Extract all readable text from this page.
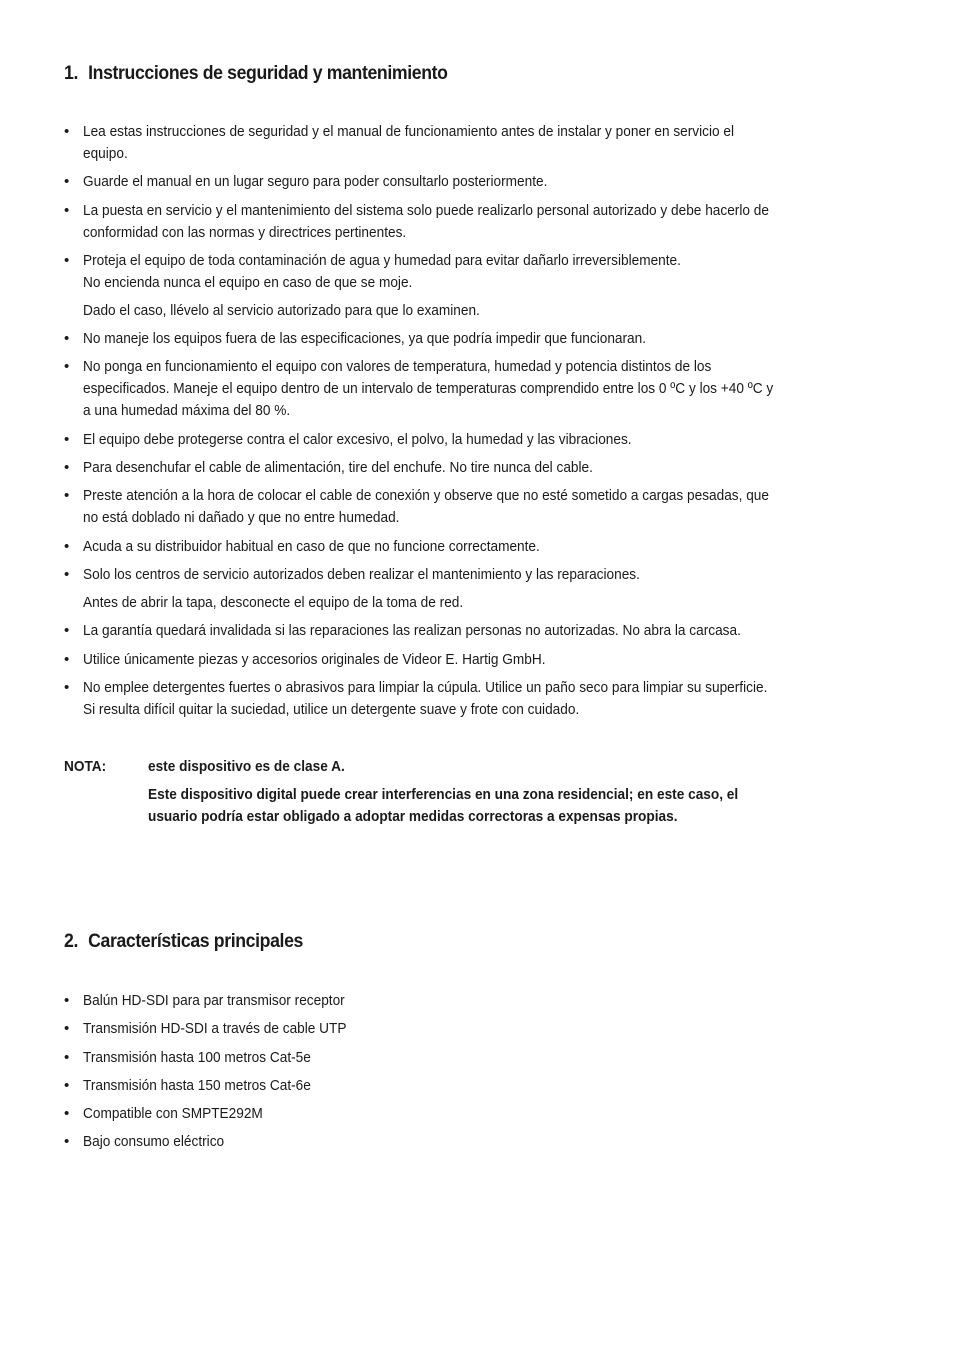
1. Instrucciones de seguridad y mantenimiento
• Lea estas instrucciones de seguridad y el manual de funcionamiento antes de instalar y poner en servicio el
equipo.
• Guarde el manual en un lugar seguro para poder consultarlo posteriormente.
• La puesta en servicio y el mantenimiento del sistema solo puede realizarlo personal autorizado y debe hacerlo de
conformidad con las normas y directrices pertinentes.
• Proteja el equipo de toda contaminación de agua y humedad para evitar dañarlo irreversiblemente.
No encienda nunca el equipo en caso de que se moje.
Dado el caso, llévelo al servicio autorizado para que lo examinen.
• No maneje los equipos fuera de las especificaciones, ya que podría impedir que funcionaran.
• No ponga en funcionamiento el equipo con valores de temperatura, humedad y potencia distintos de los
especificados. Maneje el equipo dentro de un intervalo de temperaturas comprendido entre los 0 ºC y los +40 ºC y
a una humedad máxima del 80 %.
• El equipo debe protegerse contra el calor excesivo, el polvo, la humedad y las vibraciones.
• Para desenchufar el cable de alimentación, tire del enchufe. No tire nunca del cable.
• Preste atención a la hora de colocar el cable de conexión y observe que no esté sometido a cargas pesadas, que
no está doblado ni dañado y que no entre humedad.
• Acuda a su distribuidor habitual en caso de que no funcione correctamente.
• Solo los centros de servicio autorizados deben realizar el mantenimiento y las reparaciones.
Antes de abrir la tapa, desconecte el equipo de la toma de red.
• La garantía quedará invalidada si las reparaciones las realizan personas no autorizadas. No abra la carcasa.
• Utilice únicamente piezas y accesorios originales de Videor E. Hartig GmbH.
• No emplee detergentes fuertes o abrasivos para limpiar la cúpula. Utilice un paño seco para limpiar su superficie.
Si resulta difícil quitar la suciedad, utilice un detergente suave y frote con cuidado.
NOTA:	este dispositivo es de clase A.

Este dispositivo digital puede crear interferencias en una zona residencial; en este caso, el
usuario podría estar obligado a adoptar medidas correctoras a expensas propias.

2. Características principales
• Balún HD-SDI para par transmisor receptor
• Transmisión HD-SDI a través de cable UTP
• Transmisión hasta 100 metros Cat-5e
• Transmisión hasta 150 metros Cat-6e
• Compatible con SMPTE292M
• Bajo consumo eléctrico
